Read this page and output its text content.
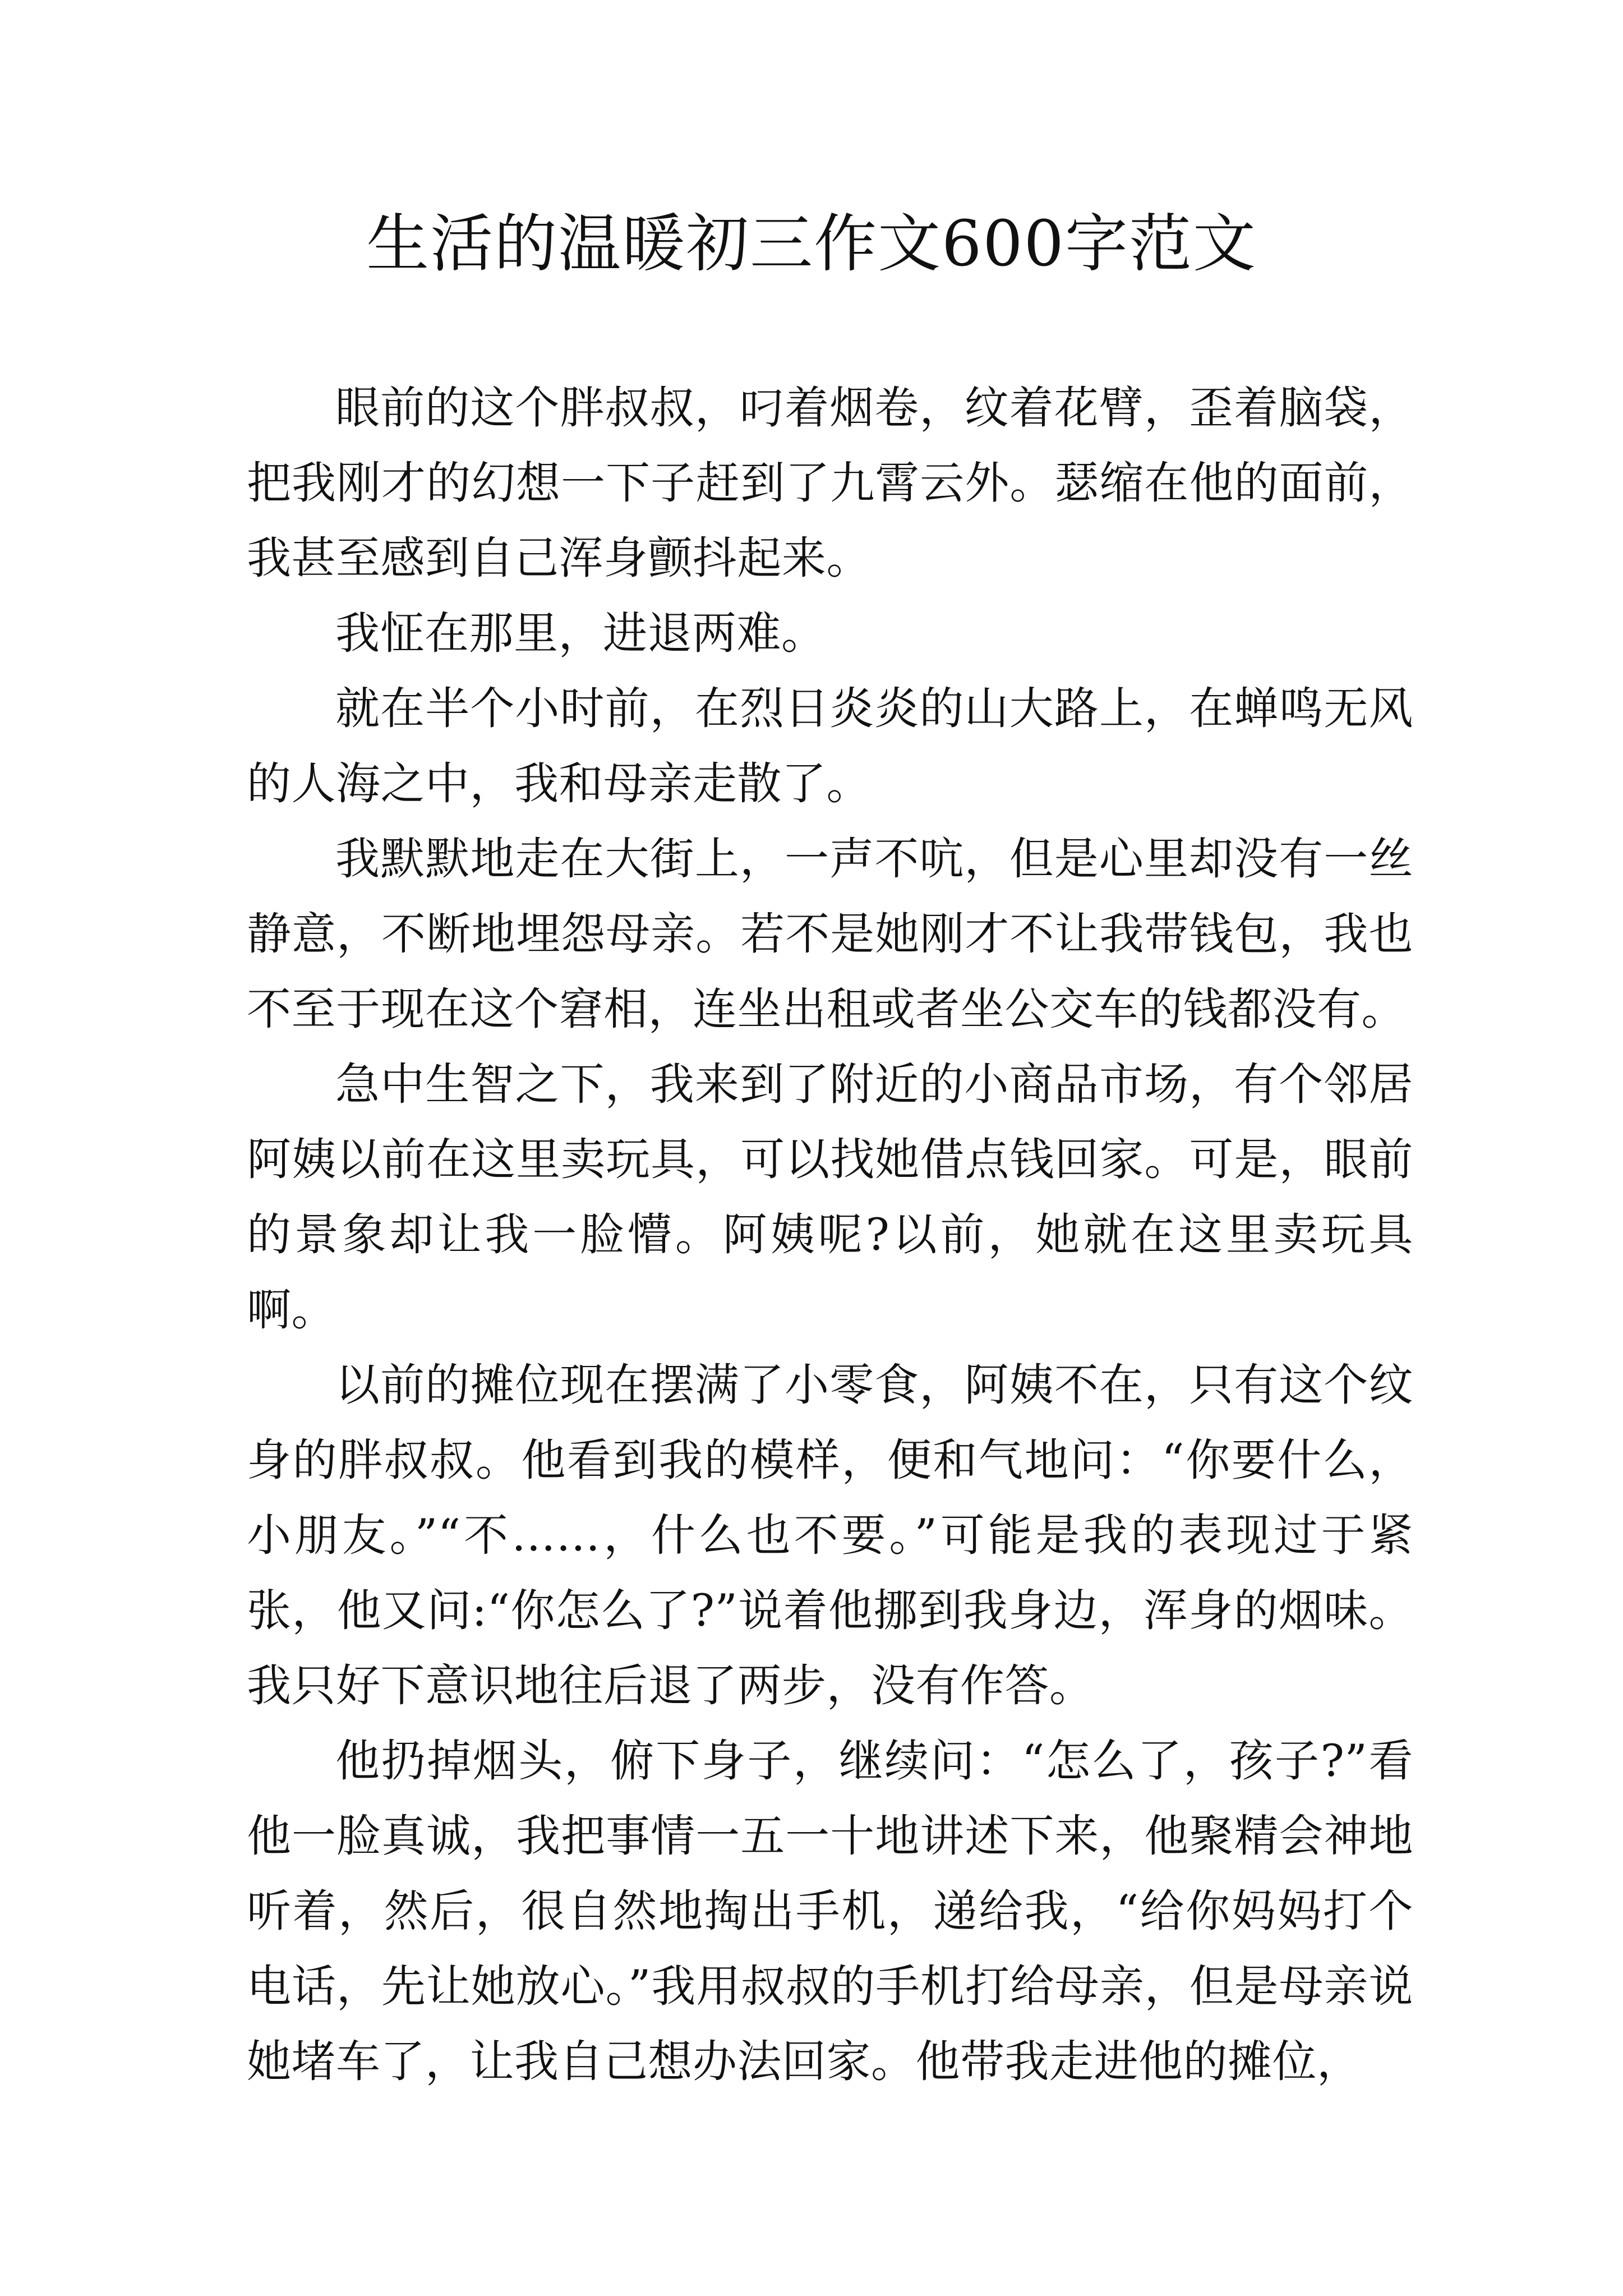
生活的温暖初三作文600字范文

眼前的这个胖叔叔，叼着烟卷，纹着花臂，歪着脑袋，把我刚才的幻想一下子赶到了九霄云外。瑟缩在他的面前，我甚至感到自己浑身颤抖起来。

我怔在那里，进退两难。

就在半个小时前，在烈日炎炎的山大路上，在蝉鸣无风的人海之中，我和母亲走散了。

我默默地走在大街上，一声不吭，但是心里却没有一丝静意，不断地埋怨母亲。若不是她刚才不让我带钱包，我也不至于现在这个窘相，连坐出租或者坐公交车的钱都没有。

急中生智之下，我来到了附近的小商品市场，有个邻居阿姨以前在这里卖玩具，可以找她借点钱回家。可是，眼前的景象却让我一脸懵。阿姨呢?以前，她就在这里卖玩具啊。

以前的摊位现在摆满了小零食，阿姨不在，只有这个纹身的胖叔叔。他看到我的模样，便和气地问：“你要什么，小朋友。”“不……，什么也不要。”可能是我的表现过于紧张，他又问:“你怎么了?”说着他挪到我身边，浑身的烟味。我只好下意识地往后退了两步，没有作答。

他扔掉烟头，俯下身子，继续问：“怎么了，孩子?”看他一脸真诚，我把事情一五一十地讲述下来，他聚精会神地听着，然后，很自然地掏出手机，递给我，“给你妈妈打个电话，先让她放心。”我用叔叔的手机打给母亲，但是母亲说她堵车了，让我自己想办法回家。他带我走进他的摊位，
